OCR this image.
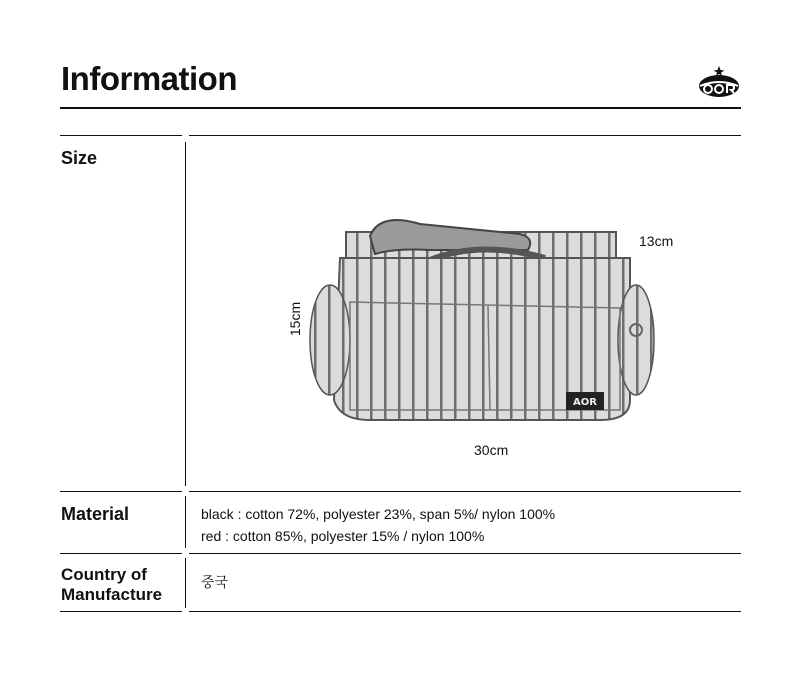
Information
Size
AOR
13cm
15cm
30cm
Material	black : cotton 72%, polyester 23%, span 5%/ nylon 100%
red : cotton 85%, polyester 15% / nylon 100%
Country of
Manufacture
중국
